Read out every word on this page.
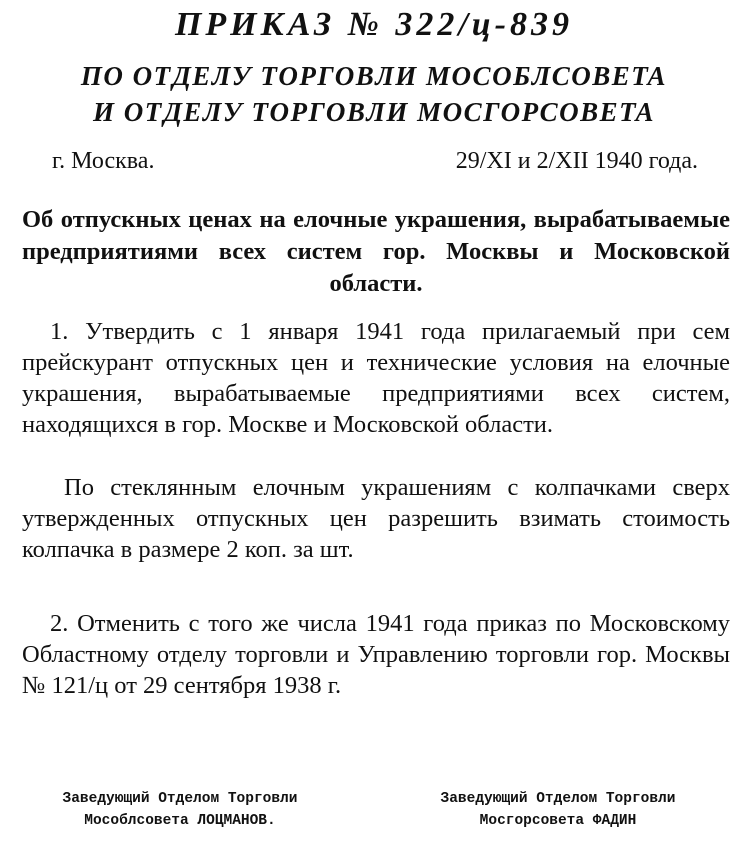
ПРИКАЗ № 322/ц-839
ПО ОТДЕЛУ ТОРГОВЛИ МОСОБЛСОВЕТА
И ОТДЕЛУ ТОРГОВЛИ МОСГОРСОВЕТА
г. Москва.	29/XI и 2/XII 1940 года.
Об отпускных ценах на елочные украшения, вырабатываемые предприятиями всех систем гор. Москвы и Московской области.

1. Утвердить с 1 января 1941 года прилагаемый при сем прейскурант отпускных цен и технические условия на елочные украшения, вырабатываемые предприятиями всех систем, находящихся в гор. Москве и Московской области.

По стеклянным елочным украшениям с колпачками сверх утвержденных отпускных цен разрешить взимать стоимость колпачка в размере 2 коп. за шт.

2. Отменить с того же числа 1941 года приказ по Московскому Областному отделу торговли и Управлению торговли гор. Москвы № 121/ц от 29 сентября 1938 г.

Заведующий Отделом Торговли
Мособлсовета ЛОЦМАНОВ.
Заведующий Отделом Торговли
Мосгорсовета ФАДИН
